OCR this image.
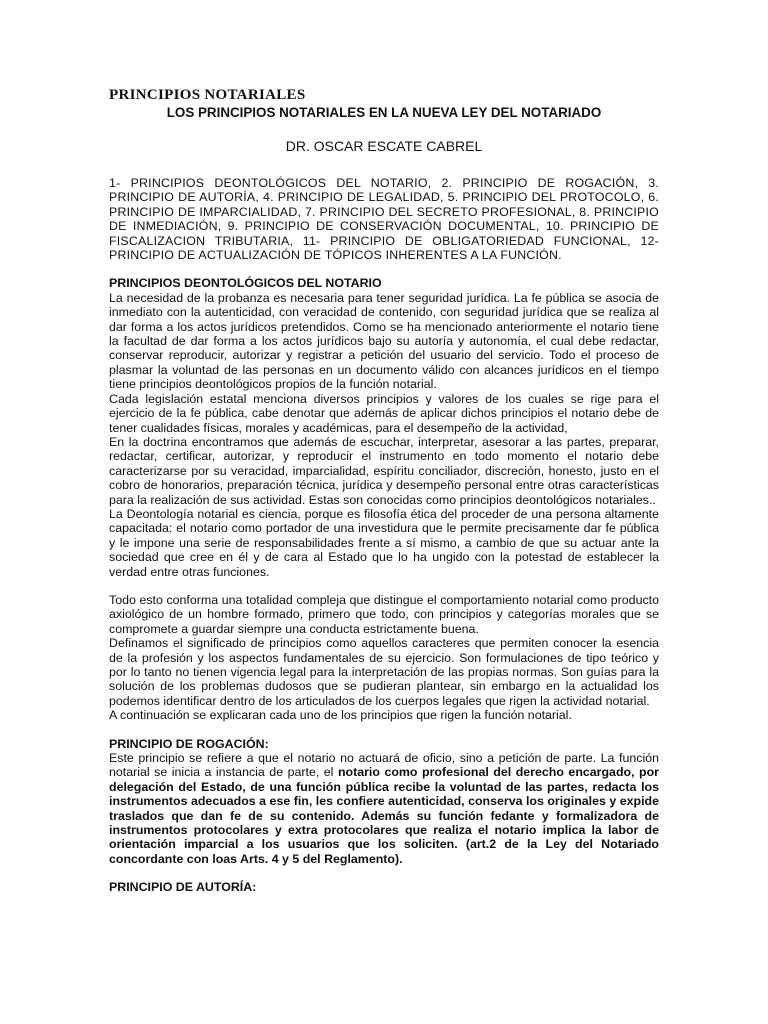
PRINCIPIOS NOTARIALES
LOS PRINCIPIOS NOTARIALES EN LA NUEVA LEY DEL NOTARIADO
DR. OSCAR ESCATE CABREL

1- PRINCIPIOS DEONTOLÓGICOS DEL NOTARIO, 2. PRINCIPIO DE ROGACIÓN, 3. PRINCIPIO DE AUTORÍA, 4. PRINCIPIO DE LEGALIDAD, 5. PRINCIPIO DEL PROTOCOLO, 6. PRINCIPIO DE IMPARCIALIDAD, 7. PRINCIPIO DEL SECRETO PROFESIONAL, 8. PRINCIPIO DE INMEDIACIÓN, 9. PRINCIPIO DE CONSERVACIÓN DOCUMENTAL, 10. PRINCIPIO DE FISCALIZACION TRIBUTARIA, 11- PRINCIPIO DE OBLIGATORIEDAD FUNCIONAL, 12- PRINCIPIO DE ACTUALIZACIÓN DE TÓPICOS INHERENTES A LA FUNCIÓN.

PRINCIPIOS DEONTOLÓGICOS DEL NOTARIO

La necesidad de la probanza es necesaria para tener seguridad jurídica. La fe pública se asocia de inmediato con la autenticidad, con veracidad de contenido, con seguridad jurídica que se realiza al dar forma a los actos jurídicos pretendidos. Como se ha mencionado anteriormente el notario tiene la facultad de dar forma a los actos jurídicos bajo su autoría y autonomía, el cual debe redactar, conservar reproducir, autorizar y registrar a petición del usuario del servicio. Todo el proceso de plasmar la voluntad de las personas en un documento válido con alcances jurídicos en el tiempo tiene principios deontológicos propios de la función notarial.

Cada legislación estatal menciona diversos principios y valores de los cuales se rige para el ejercicio de la fe pública, cabe denotar que además de aplicar dichos principios el notario debe de tener cualidades físicas, morales y académicas, para el desempeño de la actividad,

En la doctrina encontramos que además de escuchar, interpretar, asesorar a las partes, preparar, redactar, certificar, autorizar, y reproducir el instrumento en todo momento el notario debe caracterizarse por su veracidad, imparcialidad, espíritu conciliador, discreción, honesto, justo en el cobro de honorarios, preparación técnica, jurídica y desempeño personal entre otras características para la realización de sus actividad. Estas son conocidas como principios deontológicos notariales..

La Deontología notarial es ciencia, porque es filosofía ética del proceder de una persona altamente capacitada: el notario como portador de una investidura que le permite precisamente dar fe pública y le impone una serie de responsabilidades frente a sí mismo, a cambio de que su actuar ante la sociedad que cree en él y de cara al Estado que lo ha ungido con la potestad de establecer la verdad entre otras funciones.

Todo esto conforma una totalidad compleja que distingue el comportamiento notarial como producto axiológico de un hombre formado, primero que todo, con principios y categorías morales que se compromete a guardar siempre una conducta estrictamente buena.

Definamos el significado de principios como aquellos caracteres que permiten conocer la esencia de la profesión y los aspectos fundamentales de su ejercicio. Son formulaciones de tipo teórico y por lo tanto no tienen vigencia legal para la interpretación de las propias normas. Son guías para la solución de los problemas dudosos que se pudieran plantear, sin embargo en la actualidad los podemos identificar dentro de los articulados de los cuerpos legales que rigen la actividad notarial.

A continuación se explicaran cada uno de los principios que rigen la función notarial.

PRINCIPIO DE ROGACIÓN:

Este principio se refiere a que el notario no actuará de oficio, sino a petición de parte. La función notarial se inicia a instancia de parte, el notario como profesional del derecho encargado, por delegación del Estado, de una función pública recibe la voluntad de las partes, redacta los instrumentos adecuados a ese fin, les confiere autenticidad, conserva los originales y expide traslados que dan fe de su contenido. Además su función fedante y formalizadora de instrumentos protocolares y extra protocolares que realiza el notario implica la labor de orientación imparcial a los usuarios que los soliciten. (art.2 de la Ley del Notariado concordante con loas Arts. 4 y 5 del Reglamento).

PRINCIPIO DE AUTORÍA:
